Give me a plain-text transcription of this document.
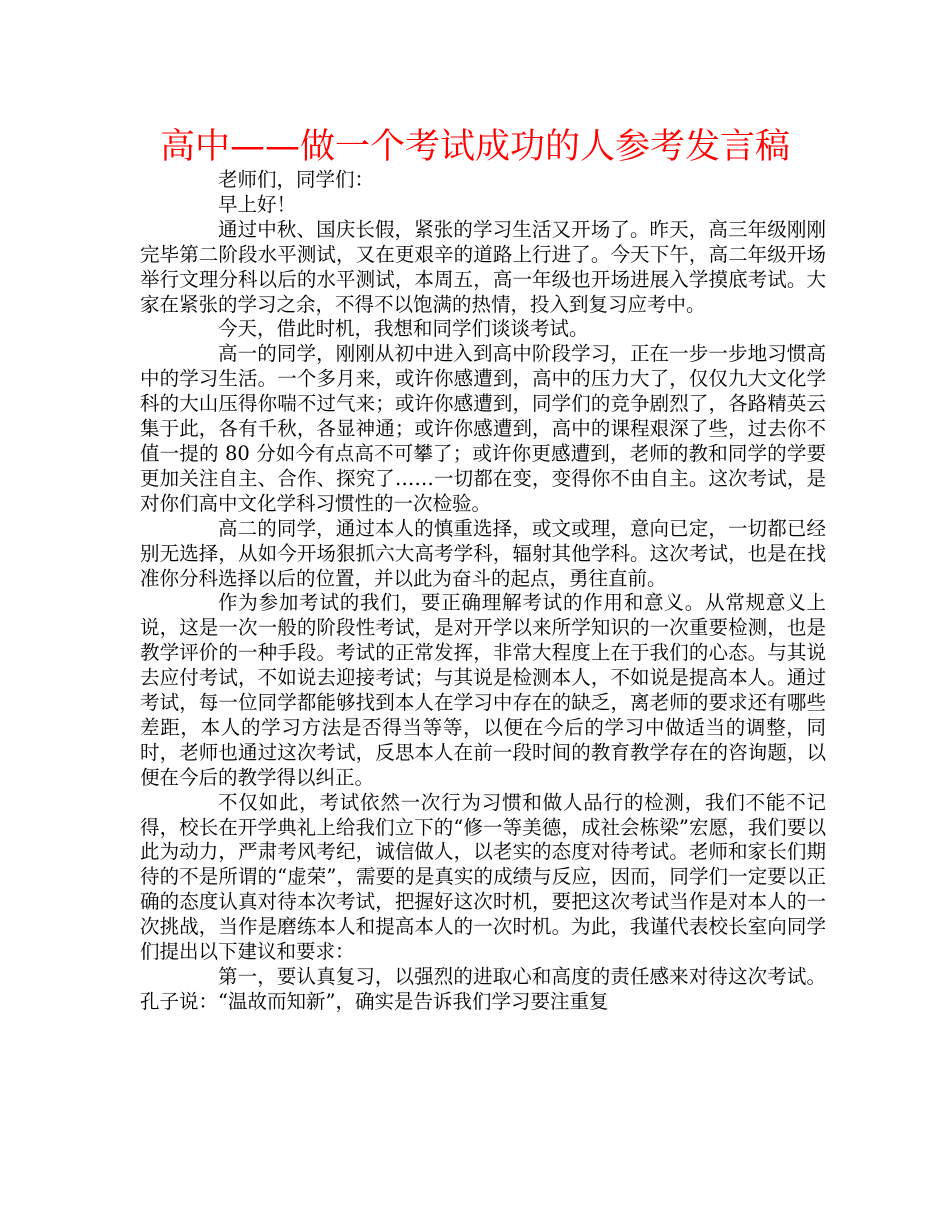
高中——做一个考试成功的人参考发言稿

老师们，同学们：

早上好！

通过中秋、国庆长假，紧张的学习生活又开场了。昨天，高三年级刚刚完毕第二阶段水平测试，又在更艰辛的道路上行进了。今天下午，高二年级开场举行文理分科以后的水平测试，本周五，高一年级也开场进展入学摸底考试。大家在紧张的学习之余，不得不以饱满的热情，投入到复习应考中。

今天，借此时机，我想和同学们谈谈考试。

高一的同学，刚刚从初中进入到高中阶段学习，正在一步一步地习惯高中的学习生活。一个多月来，或许你感遭到，高中的压力大了，仅仅九大文化学科的大山压得你喘不过气来；或许你感遭到，同学们的竞争剧烈了，各路精英云集于此，各有千秋，各显神通；或许你感遭到，高中的课程艰深了些，过去你不值一提的 80 分如今有点高不可攀了；或许你更感遭到，老师的教和同学的学要更加关注自主、合作、探究了……一切都在变，变得你不由自主。这次考试，是对你们高中文化学科习惯性的一次检验。

高二的同学，通过本人的慎重选择，或文或理，意向已定，一切都已经别无选择，从如今开场狠抓六大高考学科，辐射其他学科。这次考试，也是在找准你分科选择以后的位置，并以此为奋斗的起点，勇往直前。

作为参加考试的我们，要正确理解考试的作用和意义。从常规意义上说，这是一次一般的阶段性考试，是对开学以来所学知识的一次重要检测，也是教学评价的一种手段。考试的正常发挥，非常大程度上在于我们的心态。与其说去应付考试，不如说去迎接考试；与其说是检测本人，不如说是提高本人。通过考试，每一位同学都能够找到本人在学习中存在的缺乏，离老师的要求还有哪些差距，本人的学习方法是否得当等等，以便在今后的学习中做适当的调整，同时，老师也通过这次考试，反思本人在前一段时间的教育教学存在的咨询题，以便在今后的教学得以纠正。

不仅如此，考试依然一次行为习惯和做人品行的检测，我们不能不记得，校长在开学典礼上给我们立下的“修一等美德，成社会栋梁”宏愿，我们要以此为动力，严肃考风考纪，诚信做人，以老实的态度对待考试。老师和家长们期待的不是所谓的“虚荣”，需要的是真实的成绩与反应，因而，同学们一定要以正确的态度认真对待本次考试，把握好这次时机，要把这次考试当作是对本人的一次挑战，当作是磨练本人和提高本人的一次时机。为此，我谨代表校长室向同学们提出以下建议和要求：

第一，要认真复习，以强烈的进取心和高度的责任感来对待这次考试。孔子说：“温故而知新”，确实是告诉我们学习要注重复
